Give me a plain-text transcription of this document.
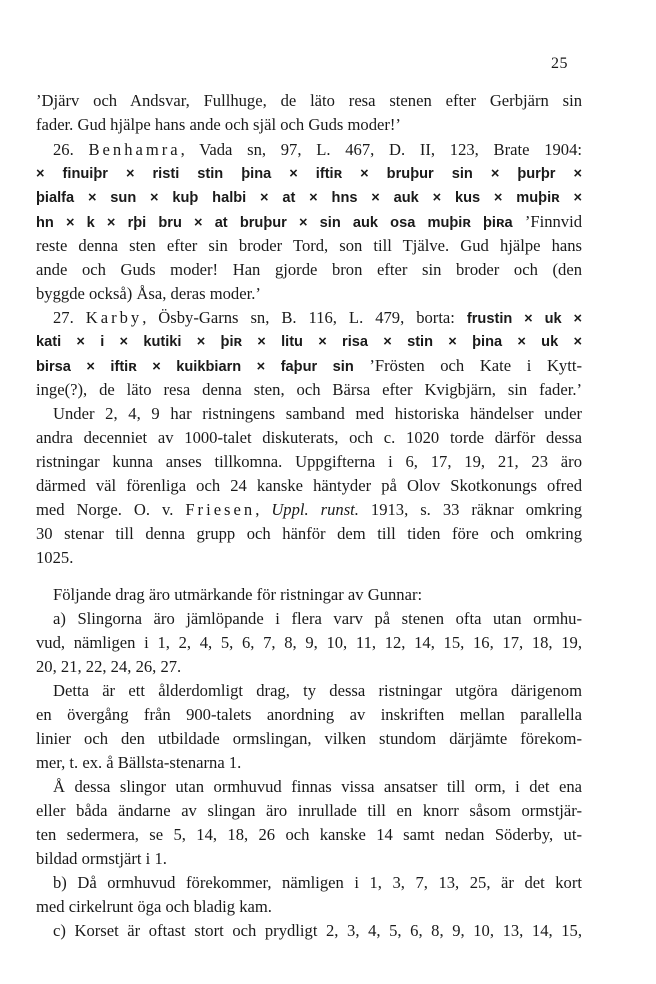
25
’Djärv och Andsvar, Fullhuge, de läto resa stenen efter Gerbjärn sin
fader. Gud hjälpe hans ande och själ och Guds moder!’
26. Benhamra, Vada sn, 97, L. 467, D. II, 123, Brate 1904:
× finuiþr × risti stin þina × iftiʀ × bruþur sin × þurþr ×
þialfa × sun × kuþ halbi × at × hns × auk × kus × muþiʀ ×
hn × k × rþi bru × at bruþur × sin auk osa muþiʀ þiʀa ’Finnvid
reste denna sten efter sin broder Tord, son till Tjälve. Gud hjälpe hans
ande och Guds moder! Han gjorde bron efter sin broder och (den
byggde också) Åsa, deras moder.’
27. Karby, Ösby-Garns sn, B. 116, L. 479, borta: frustin × uk ×
kati × i × kutiki × þiʀ × litu × risa × stin × þina × uk ×
birsa × iftiʀ × kuikbiarn × faþur sin ’Frösten och Kate i Kytt-
inge(?), de läto resa denna sten, och Bärsa efter Kvigbjärn, sin fader.’
Under 2, 4, 9 har ristningens samband med historiska händelser under
andra decenniet av 1000-talet diskuterats, och c. 1020 torde därför dessa
ristningar kunna anses tillkomna. Uppgifterna i 6, 17, 19, 21, 23 äro
därmed väl förenliga och 24 kanske häntyder på Olov Skotkonungs ofred
med Norge. O. v. Friesen, Uppl. runst. 1913, s. 33 räknar omkring
30 stenar till denna grupp och hänför dem till tiden före och omkring
1025.
Följande drag äro utmärkande för ristningar av Gunnar:
a) Slingorna äro jämlöpande i flera varv på stenen ofta utan ormhu-
vud, nämligen i 1, 2, 4, 5, 6, 7, 8, 9, 10, 11, 12, 14, 15, 16, 17, 18, 19,
20, 21, 22, 24, 26, 27.
Detta är ett ålderdomligt drag, ty dessa ristningar utgöra därigenom
en övergång från 900-talets anordning av inskriften mellan parallella
linier och den utbildade ormslingan, vilken stundom därjämte förekom-
mer, t. ex. å Bällsta-stenarna 1.
Å dessa slingor utan ormhuvud finnas vissa ansatser till orm, i det ena
eller båda ändarne av slingan äro inrullade till en knorr såsom ormstjär-
ten sedermera, se 5, 14, 18, 26 och kanske 14 samt nedan Söderby, ut-
bildad ormstjärt i 1.
b) Då ormhuvud förekommer, nämligen i 1, 3, 7, 13, 25, är det kort
med cirkelrunt öga och bladig kam.
c) Korset är oftast stort och prydligt 2, 3, 4, 5, 6, 8, 9, 10, 13, 14, 15,
